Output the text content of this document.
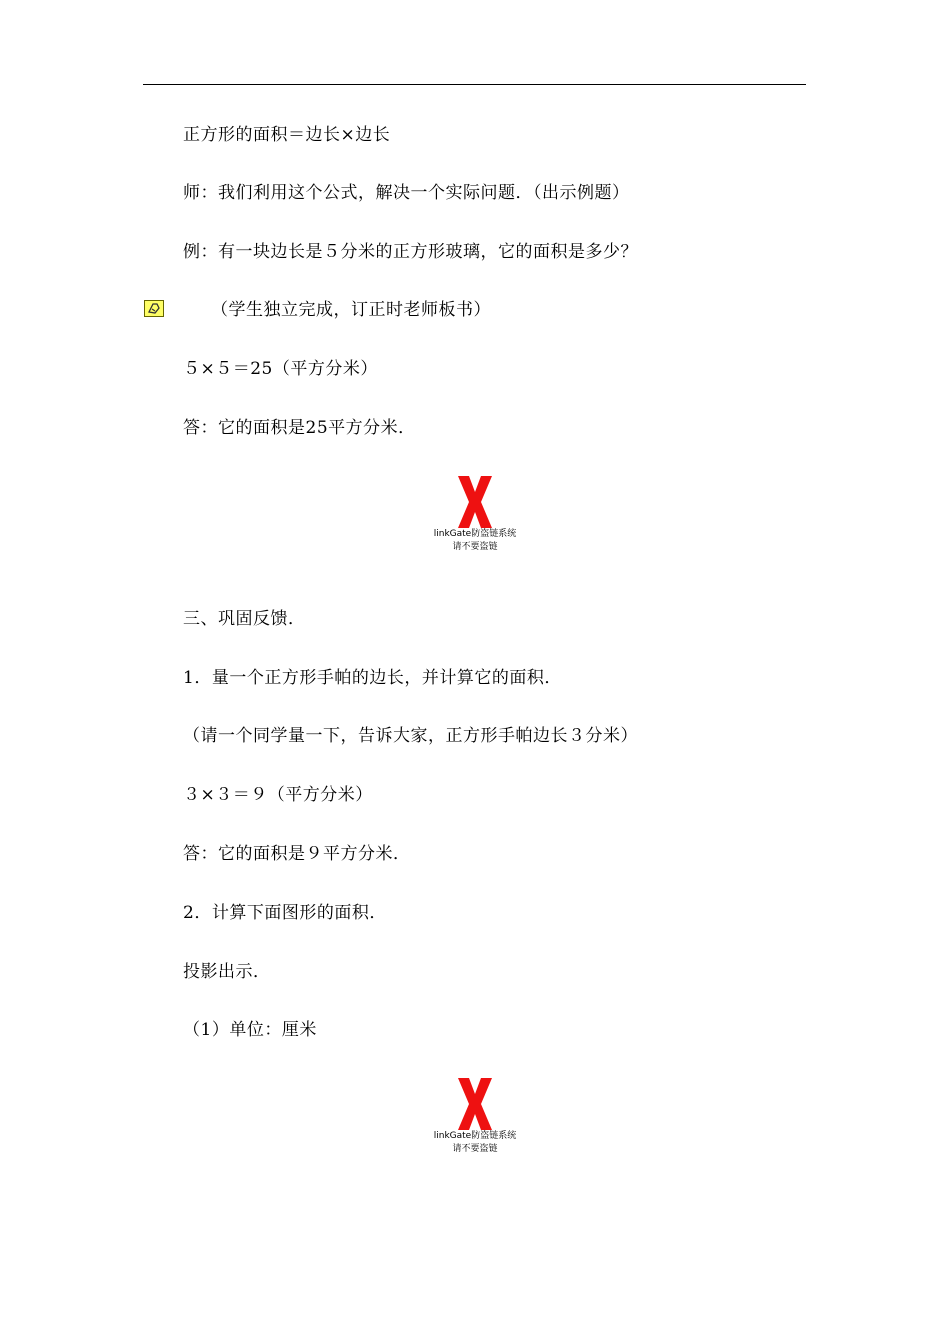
正方形的面积＝边长×边长
师：我们利用这个公式，解决一个实际问题．（出示例题）
例：有一块边长是５分米的正方形玻璃，它的面积是多少？
（学生独立完成，订正时老师板书）
５×５＝25（平方分米）
答：它的面积是25平方分米．
linkGate防盗链系统
请不要盗链
三、巩固反馈．
1．量一个正方形手帕的边长，并计算它的面积．
（请一个同学量一下，告诉大家，正方形手帕边长３分米）
３×３＝９（平方分米）
答：它的面积是９平方分米．
2．计算下面图形的面积．
投影出示．
（1）单位：厘米
linkGate防盗链系统
请不要盗链
